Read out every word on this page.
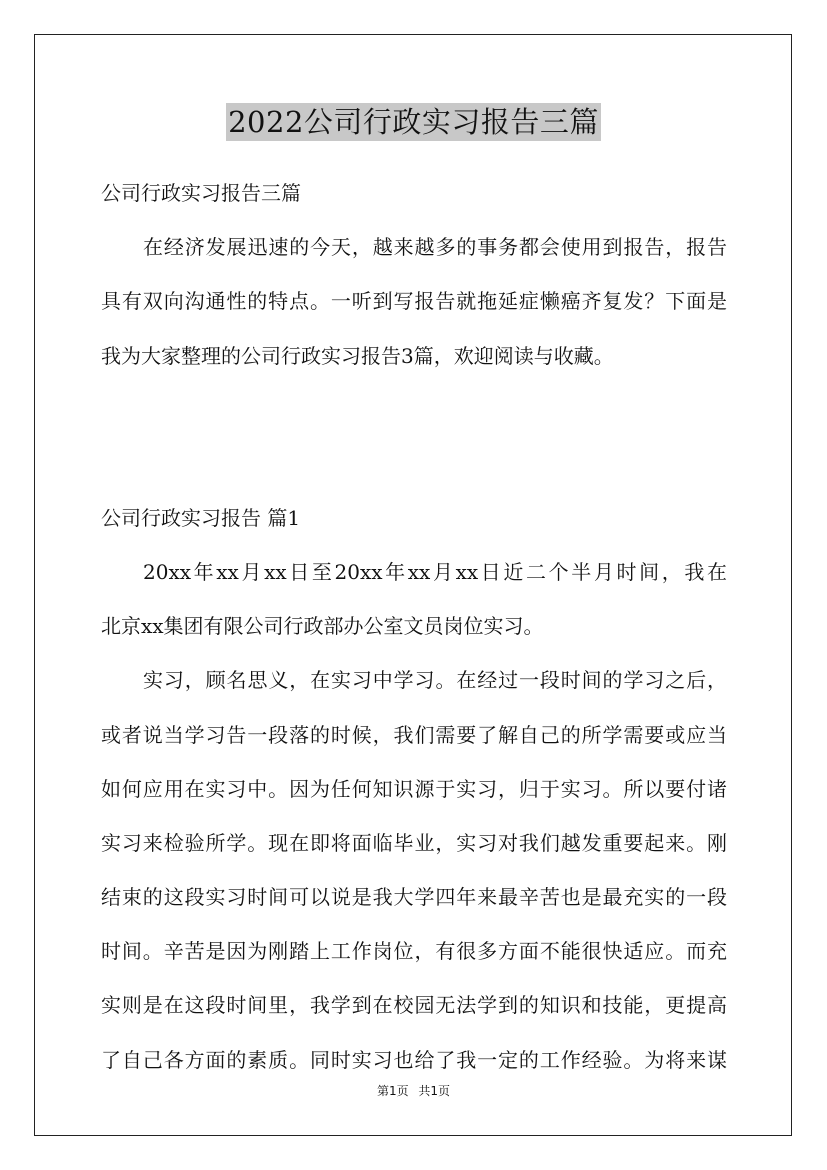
2022公司行政实习报告三篇
公司行政实习报告三篇
在经济发展迅速的今天，越来越多的事务都会使用到报告，报告
具有双向沟通性的特点。一听到写报告就拖延症懒癌齐复发？下面是
我为大家整理的公司行政实习报告3篇，欢迎阅读与收藏。
公司行政实习报告 篇1
20xx年xx月xx日至20xx年xx月xx日近二个半月时间，我在
北京xx集团有限公司行政部办公室文员岗位实习。
实习，顾名思义，在实习中学习。在经过一段时间的学习之后，
或者说当学习告一段落的时候，我们需要了解自己的所学需要或应当
如何应用在实习中。因为任何知识源于实习，归于实习。所以要付诸
实习来检验所学。现在即将面临毕业，实习对我们越发重要起来。刚
结束的这段实习时间可以说是我大学四年来最辛苦也是最充实的一段
时间。辛苦是因为刚踏上工作岗位，有很多方面不能很快适应。而充
实则是在这段时间里，我学到在校园无法学到的知识和技能，更提高
了自己各方面的素质。同时实习也给了我一定的工作经验。为将来谋
第1页 共1页
